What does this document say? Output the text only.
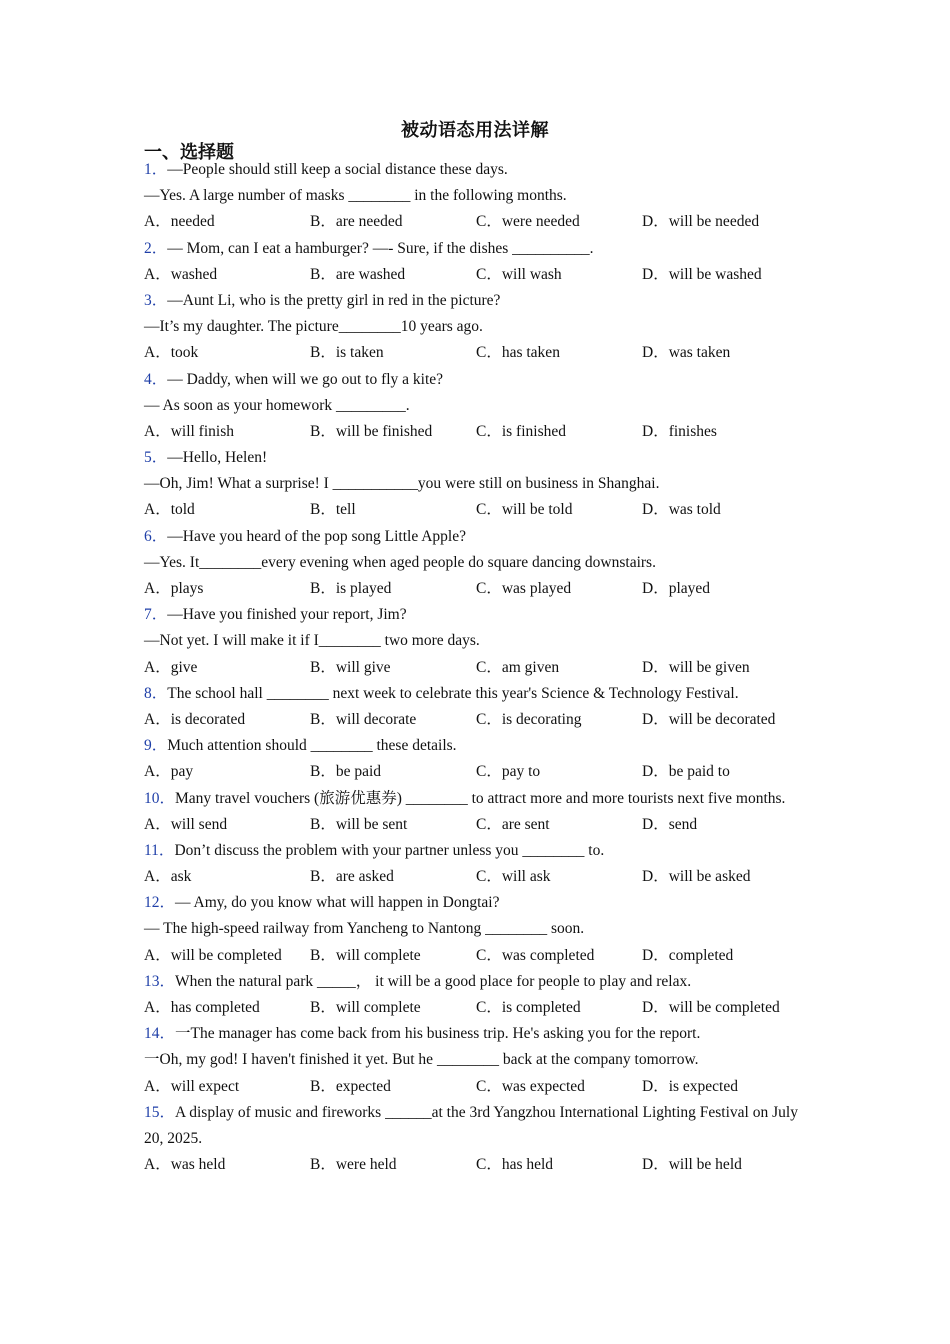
被动语态用法详解
一、选择题
1．—People should still keep a social distance these days.
—Yes. A large number of masks ________ in the following months.
A．needed	B．are needed	C．were needed	D．will be needed
2．— Mom, can I eat a hamburger? —- Sure, if the dishes __________.
A．washed	B．are washed	C．will wash	D．will be washed
3．—Aunt Li, who is the pretty girl in red in the picture?
—It’s my daughter. The picture________10 years ago.
A．took	B．is taken	C．has taken	D．was taken
4．— Daddy, when will we go out to fly a kite?
— As soon as your homework _________.
A．will finish	B．will be finished	C．is finished	D．finishes
5．—Hello, Helen!
—Oh, Jim! What a surprise! I ___________you were still on business in Shanghai.
A．told	B．tell	C．will be told	D．was told
6．—Have you heard of the pop song Little Apple?
—Yes. It________every evening when aged people do square dancing downstairs.
A．plays	B．is played	C．was played	D．played
7．—Have you finished your report, Jim?
—Not yet. I will make it if I________ two more days.
A．give	B．will give	C．am given	D．will be given
8．The school hall ________ next week to celebrate this year's Science & Technology Festival.
A．is decorated	B．will decorate	C．is decorating	D．will be decorated
9．Much attention should ________ these details.
A．pay	B．be paid	C．pay to	D．be paid to
10．Many travel vouchers (旅游优惠券) ________ to attract more and more tourists next five months.
A．will send	B．will be sent	C．are sent	D．send
11．Don’t discuss the problem with your partner unless you ________ to.
A．ask	B．are asked	C．will ask	D．will be asked
12．— Amy, do you know what will happen in Dongtai?
— The high-speed railway from Yancheng to Nantong ________ soon.
A．will be completed	B．will complete	C．was completed	D．completed
13．When the natural park _____， it will be a good place for people to play and relax.
A．has completed	B．will complete	C．is completed	D．will be completed
14．一The manager has come back from his business trip. He's asking you for the report.
一Oh, my god! I haven't finished it yet. But he ________ back at the company tomorrow.
A．will expect	B．expected	C．was expected	D．is expected
15．A display of music and fireworks ______at the 3rd Yangzhou International Lighting Festival on July 20, 2025.
A．was held	B．were held	C．has held	D．will be held
